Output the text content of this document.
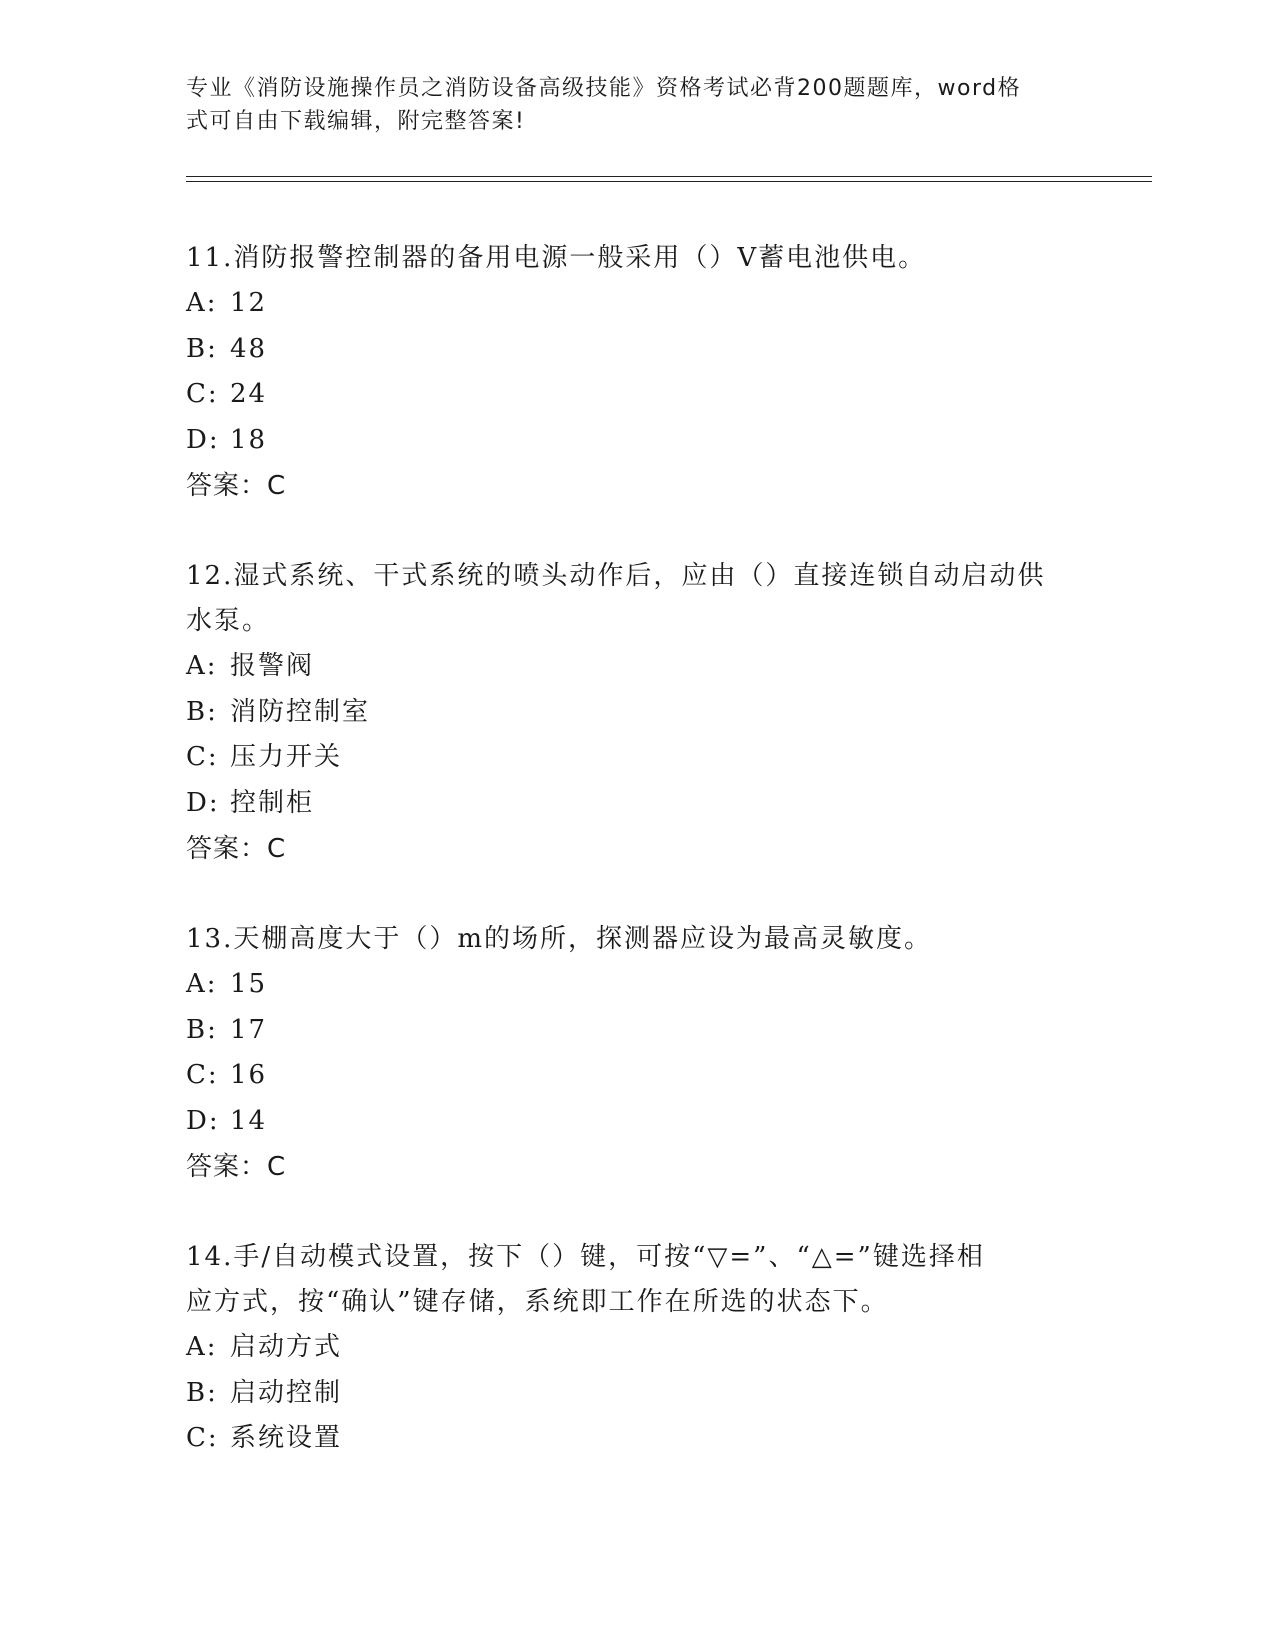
专业《消防设施操作员之消防设备高级技能》资格考试必背200题题库，word格
式可自由下载编辑，附完整答案!

11.消防报警控制器的备用电源一般采用（）V蓄电池供电。

A: 12

B: 48

C: 24

D: 18

答案：C

12.湿式系统、干式系统的喷头动作后，应由（）直接连锁自动启动供

水泵。

A: 报警阀

B: 消防控制室

C: 压力开关

D: 控制柜

答案：C

13.天棚高度大于（）m的场所，探测器应设为最高灵敏度。

A: 15

B: 17

C: 16

D: 14

答案：C

14.手/自动模式设置，按下（）键，可按“▽=”、“△=”键选择相

应方式，按“确认”键存储，系统即工作在所选的状态下。

A: 启动方式

B: 启动控制

C: 系统设置
